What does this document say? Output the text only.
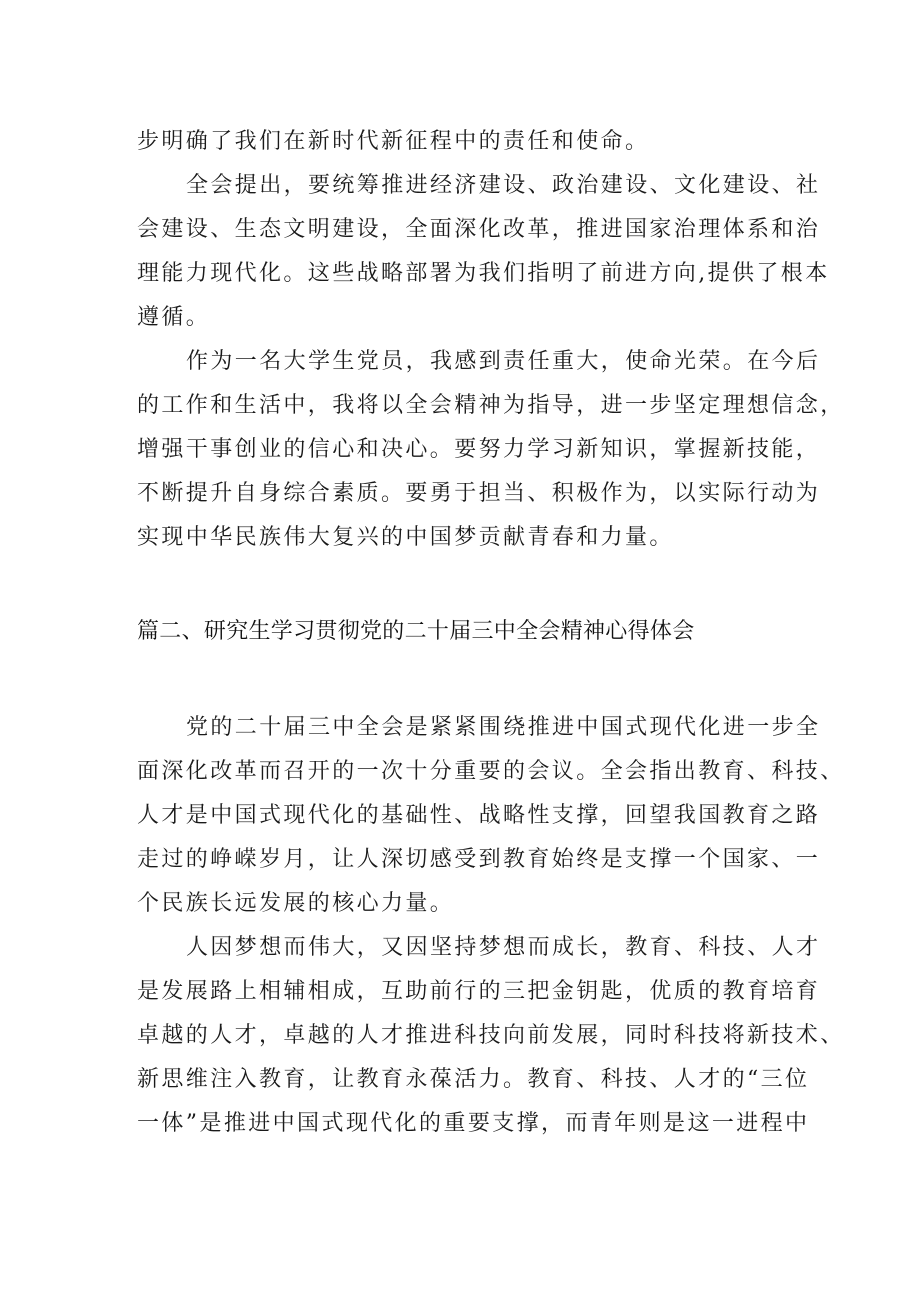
步明确了我们在新时代新征程中的责任和使命。
全会提出，要统筹推进经济建设、政治建设、文化建设、社
会建设、生态文明建设，全面深化改革，推进国家治理体系和治
理能力现代化。这些战略部署为我们指明了前进方向,提供了根本
遵循。
作为一名大学生党员，我感到责任重大，使命光荣。在今后
的工作和生活中，我将以全会精神为指导，进一步坚定理想信念，
增强干事创业的信心和决心。要努力学习新知识，掌握新技能，
不断提升自身综合素质。要勇于担当、积极作为，以实际行动为
实现中华民族伟大复兴的中国梦贡献青春和力量。
篇二、研究生学习贯彻党的二十届三中全会精神心得体会
党的二十届三中全会是紧紧围绕推进中国式现代化进一步全
面深化改革而召开的一次十分重要的会议。全会指出教育、科技、
人才是中国式现代化的基础性、战略性支撑，回望我国教育之路
走过的峥嵘岁月，让人深切感受到教育始终是支撑一个国家、一
个民族长远发展的核心力量。
人因梦想而伟大，又因坚持梦想而成长，教育、科技、人才
是发展路上相辅相成，互助前行的三把金钥匙，优质的教育培育
卓越的人才，卓越的人才推进科技向前发展，同时科技将新技术、
新思维注入教育，让教育永葆活力。教育、科技、人才的“三位
一体”是推进中国式现代化的重要支撑，而青年则是这一进程中
